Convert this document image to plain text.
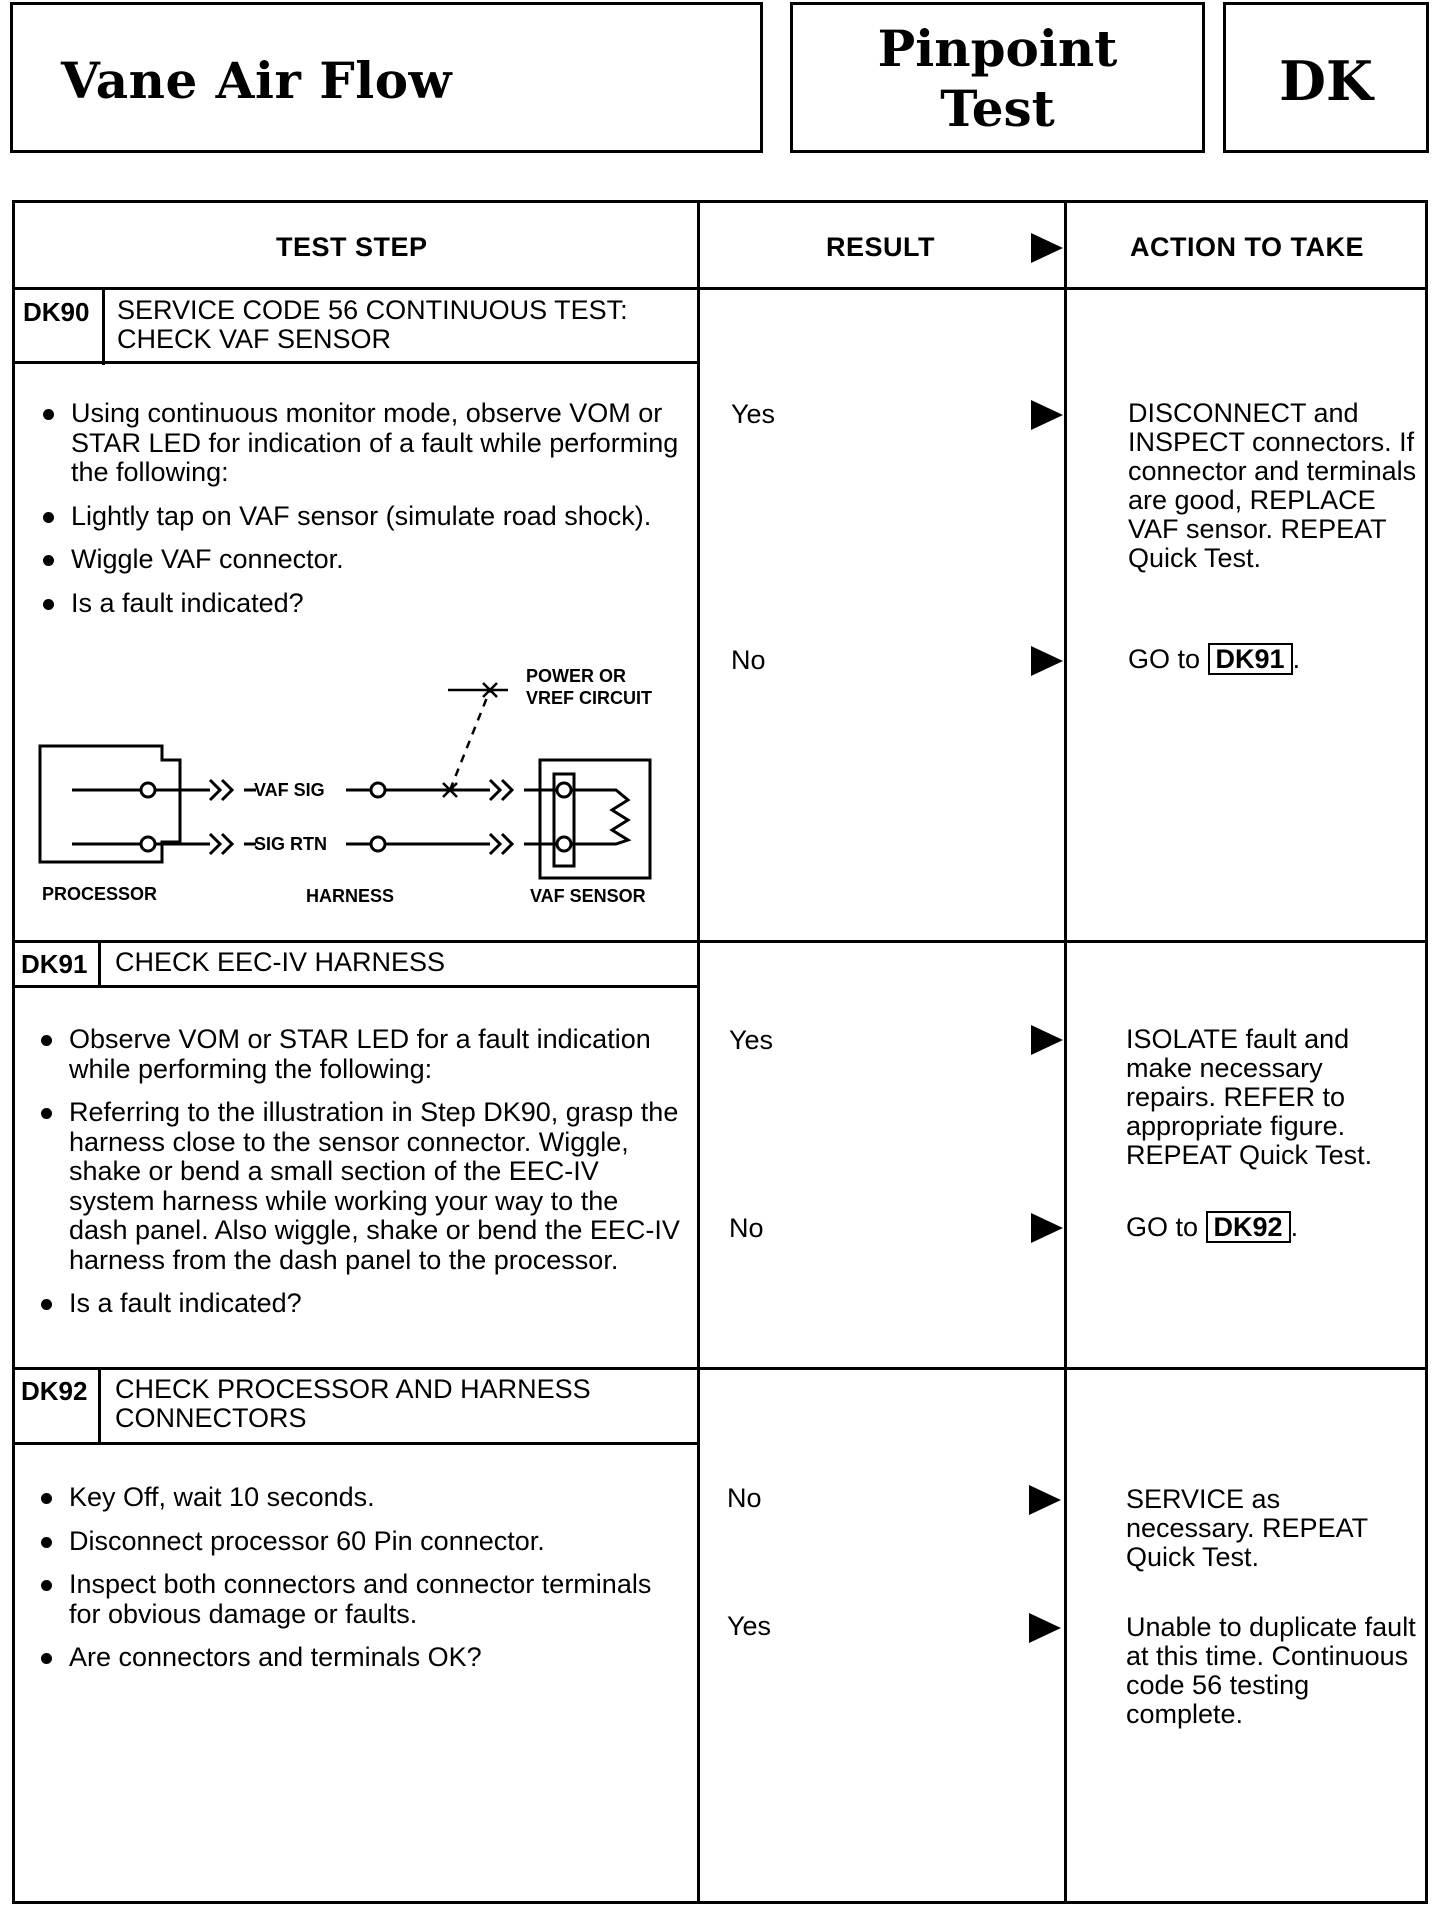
Vane Air Flow
Pinpoint
Test	DK
TEST STEP	RESULT	ACTION TO TAKE
DK90 SERVICE CODE 56 CONTINUOUS TEST: CHECK VAF SENSOR
Using continuous monitor mode, observe VOM or STAR LED for indication of a fault while performing the following:
Lightly tap on VAF sensor (simulate road shock).
Wiggle VAF connector.
Is a fault indicated?
Yes	DISCONNECT and INSPECT connectors. If connector and terminals are good, REPLACE VAF sensor. REPEAT Quick Test.
No	GO to DK91 .
DK91 CHECK EEC-IV HARNESS
Observe VOM or STAR LED for a fault indication while performing the following:
Referring to the illustration in Step DK90, grasp the harness close to the sensor connector. Wiggle, shake or bend a small section of the EEC-IV system harness while working your way to the dash panel. Also wiggle, shake or bend the EEC-IV harness from the dash panel to the processor.
Is a fault indicated?
Yes	ISOLATE fault and make necessary repairs. REFER to appropriate figure. REPEAT Quick Test.
No	GO to DK92 .
DK92 CHECK PROCESSOR AND HARNESS CONNECTORS
Key Off, wait 10 seconds.
Disconnect processor 60 Pin connector.
Inspect both connectors and connector terminals for obvious damage or faults.
Are connectors and terminals OK?
No	SERVICE as necessary. REPEAT Quick Test.
Yes	Unable to duplicate fault at this time. Continuous code 56 testing complete.
VAF SIG
SIG RTN
POWER OR
VREF CIRCUIT
PROCESSOR	HARNESS	VAF SENSOR
